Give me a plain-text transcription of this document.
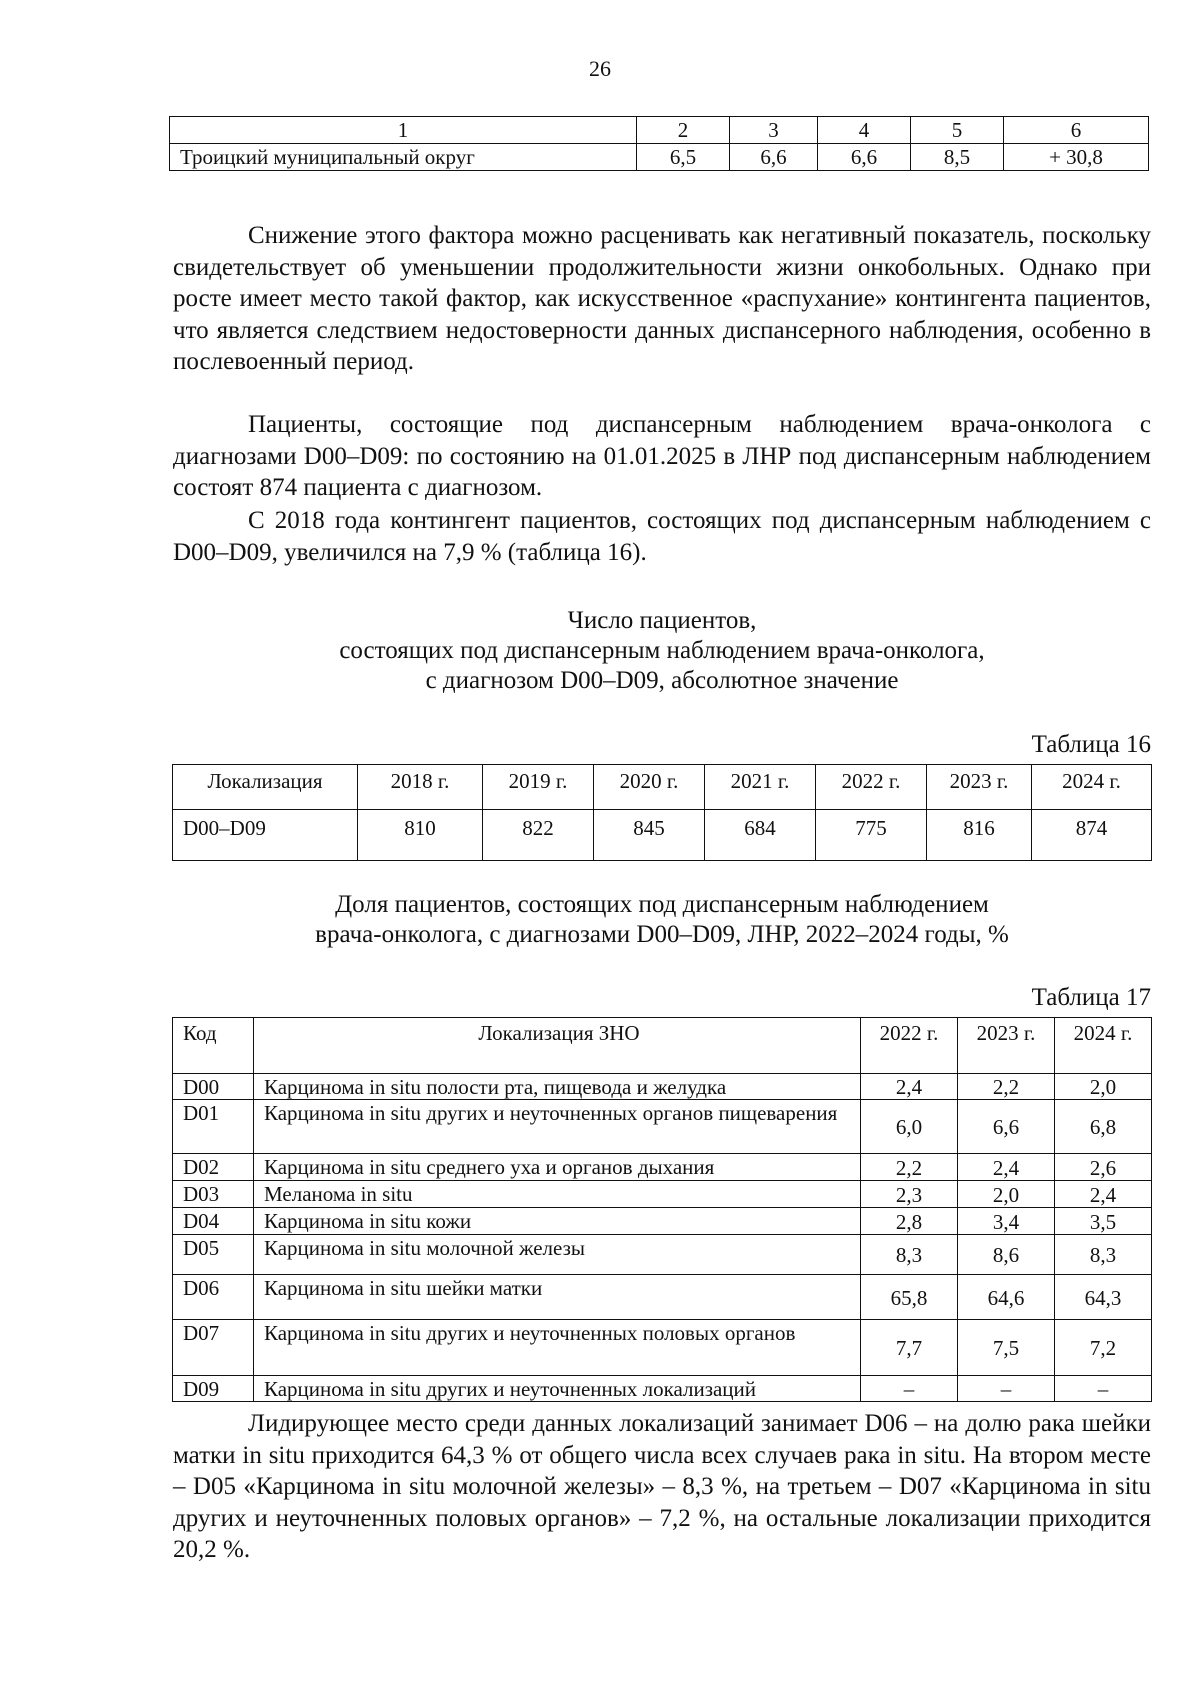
26
1	2	3	4	5	6
Троицкий муниципальный округ	6,5	6,6	6,6	8,5	+ 30,8
Снижение этого фактора можно расценивать как негативный показатель, поскольку свидетельствует об уменьшении продолжительности жизни онкобольных. Однако при росте имеет место такой фактор, как искусственное «распухание» контингента пациентов, что является следствием недостоверности данных диспансерного наблюдения, особенно в послевоенный период.
Пациенты, состоящие под диспансерным наблюдением врача-онколога с диагнозами D00–D09: по состоянию на 01.01.2025 в ЛНР под диспансерным наблюдением состоят 874 пациента с диагнозом.
С 2018 года контингент пациентов, состоящих под диспансерным наблюдением с D00–D09, увеличился на 7,9 % (таблица 16).
Число пациентов,
состоящих под диспансерным наблюдением врача-онколога,
с диагнозом D00–D09, абсолютное значение
Таблица 16
Локализация	2018 г.	2019 г.	2020 г.	2021 г.	2022 г.	2023 г.	2024 г.
D00–D09	810	822	845	684	775	816	874
Доля пациентов, состоящих под диспансерным наблюдением
врача-онколога, с диагнозами D00–D09, ЛНР, 2022–2024 годы, %
Таблица 17
Код	Локализация ЗНО	2022 г.	2023 г.	2024 г.
D00	Карцинома in situ полости рта, пищевода и желудка	2,4	2,2	2,0
D01	Карцинома in situ других и неуточненных органов пищеварения	6,0	6,6	6,8
D02	Карцинома in situ среднего уха и органов дыхания	2,2	2,4	2,6
D03	Меланома in situ	2,3	2,0	2,4
D04	Карцинома in situ кожи	2,8	3,4	3,5
D05	Карцинома in situ молочной железы	8,3	8,6	8,3
D06	Карцинома in situ шейки матки	65,8	64,6	64,3
D07	Карцинома in situ других и неуточненных половых органов	7,7	7,5	7,2
D09	Карцинома in situ других и неуточненных локализаций	–	–	–
Лидирующее место среди данных локализаций занимает D06 – на долю рака шейки матки in situ приходится 64,3 % от общего числа всех случаев рака in situ. На втором месте – D05 «Карцинома in situ молочной железы» – 8,3 %, на третьем – D07 «Карцинома in situ других и неуточненных половых органов» – 7,2 %, на остальные локализации приходится 20,2 %.
